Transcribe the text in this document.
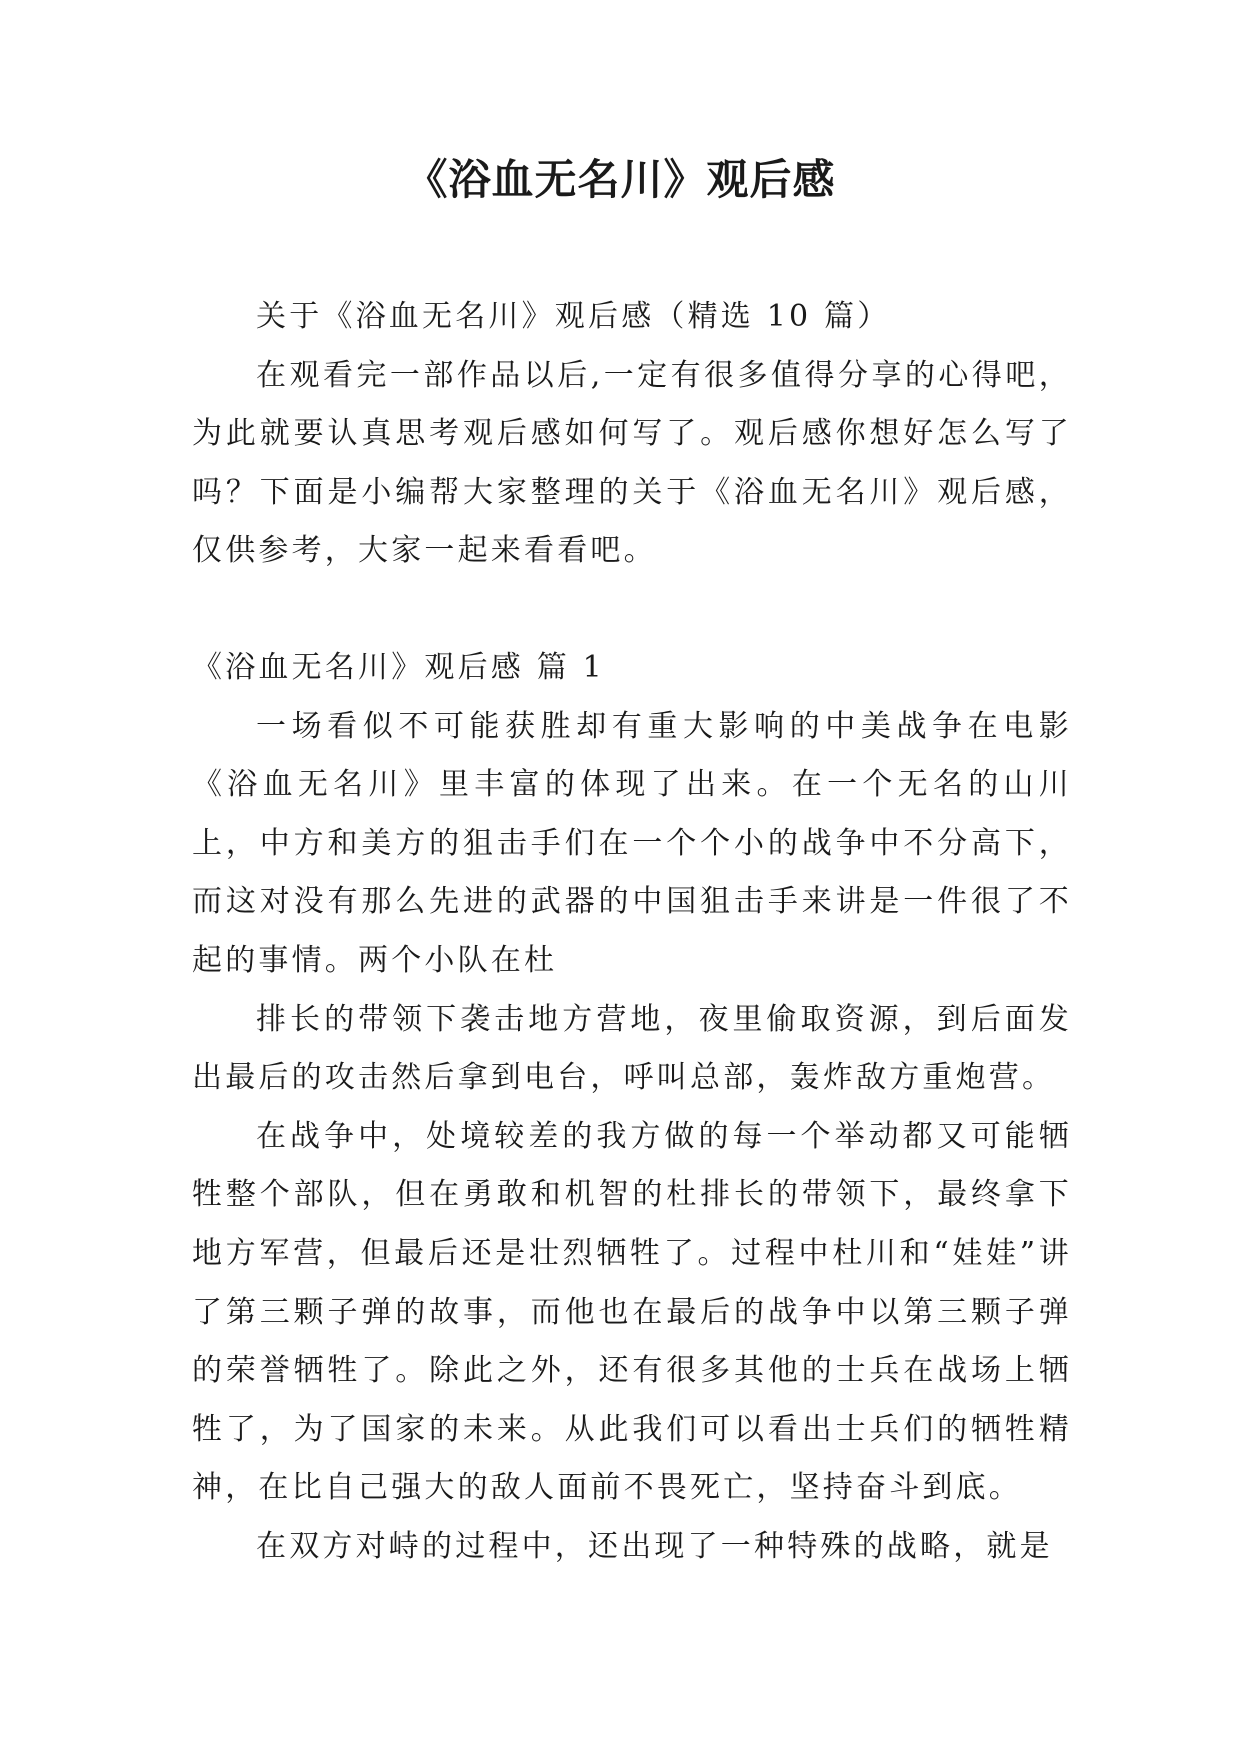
《浴血无名川》观后感

关于《浴血无名川》观后感（精选 10 篇）

在观看完一部作品以后,一定有很多值得分享的心得吧，为此就要认真思考观后感如何写了。观后感你想好怎么写了吗？下面是小编帮大家整理的关于《浴血无名川》观后感，仅供参考，大家一起来看看吧。

《浴血无名川》观后感 篇 1

一场看似不可能获胜却有重大影响的中美战争在电影《浴血无名川》里丰富的体现了出来。在一个无名的山川上，中方和美方的狙击手们在一个个小的战争中不分高下，而这对没有那么先进的武器的中国狙击手来讲是一件很了不起的事情。两个小队在杜

排长的带领下袭击地方营地，夜里偷取资源，到后面发出最后的攻击然后拿到电台，呼叫总部，轰炸敌方重炮营。

在战争中，处境较差的我方做的每一个举动都又可能牺牲整个部队，但在勇敢和机智的杜排长的带领下，最终拿下地方军营，但最后还是壮烈牺牲了。过程中杜川和“娃娃”讲了第三颗子弹的故事，而他也在最后的战争中以第三颗子弹的荣誉牺牲了。除此之外，还有很多其他的士兵在战场上牺牲了，为了国家的未来。从此我们可以看出士兵们的牺牲精神，在比自己强大的敌人面前不畏死亡，坚持奋斗到底。

在双方对峙的过程中，还出现了一种特殊的战略，就是
